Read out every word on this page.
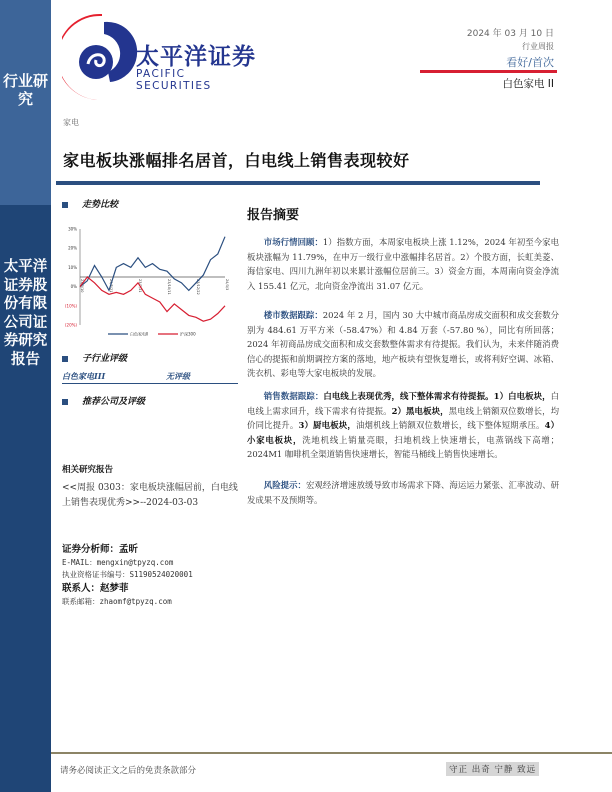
行业研究
太平洋证券股份有限公司证券研究报告
太平洋证券
PACIFIC SECURITIES
2024 年 03 月 10 日
行业周报
看好/首次
白色家电 II
家电
家电板块涨幅排名居首，白电线上销售表现较好
走势比较
30%
20%
10%
0%
(10%)
(20%)
23/3/10	23/5/21	23/7/31	23/10/11	23/12/22	24/3/3
白色家电II	沪深300
子行业评级
白色家电III	无评级
推荐公司及评级
相关研究报告
<<周报 0303：家电板块涨幅居前，白电线上销售表现优秀>>--2024-03-03
证券分析师：孟昕
E-MAIL：mengxin@tpyzq.com
执业资格证书编号：S1190524020001
联系人：赵梦菲
联系邮箱：zhaomf@tpyzq.com
报告摘要
市场行情回顾：1）指数方面，本周家电板块上涨 1.12%，2024 年初至今家电板块涨幅为 11.79%，在申万一级行业中涨幅排名居首。2）个股方面，长虹美菱、海信家电、四川九洲年初以来累计涨幅位居前三。3）资金方面，本周南向资金净流入 155.41 亿元，北向资金净流出 31.07 亿元。
楼市数据跟踪：2024 年 2 月，国内 30 大中城市商品房成交面积和成交套数分别为 484.61 万平方米（-58.47%）和 4.84 万套（-57.80 %），同比有所回落；2024 年初商品房成交面积和成交套数整体需求有待提振。我们认为，未来伴随消费信心的提振和前期调控方案的落地，地产板块有望恢复增长，或将利好空调、冰箱、洗衣机、彩电等大家电板块的发展。
销售数据跟踪：白电线上表现优秀，线下整体需求有待提振。1）白电板块，白电线上需求回升，线下需求有待提振。2）黑电板块，黑电线上销额双位数增长，均价同比提升。3）厨电板块，油烟机线上销额双位数增长，线下整体短期承压。4）小家电板块，洗地机线上销量亮眼，扫地机线上快速增长，电蒸锅线下高增；2024M1 咖啡机全渠道销售快速增长，智能马桶线上销售快速增长。
风险提示：宏观经济增速放缓导致市场需求下降、海运运力紧张、汇率波动、研发成果不及预期等。
请务必阅读正文之后的免责条款部分	守正 出奇 宁静 致远
